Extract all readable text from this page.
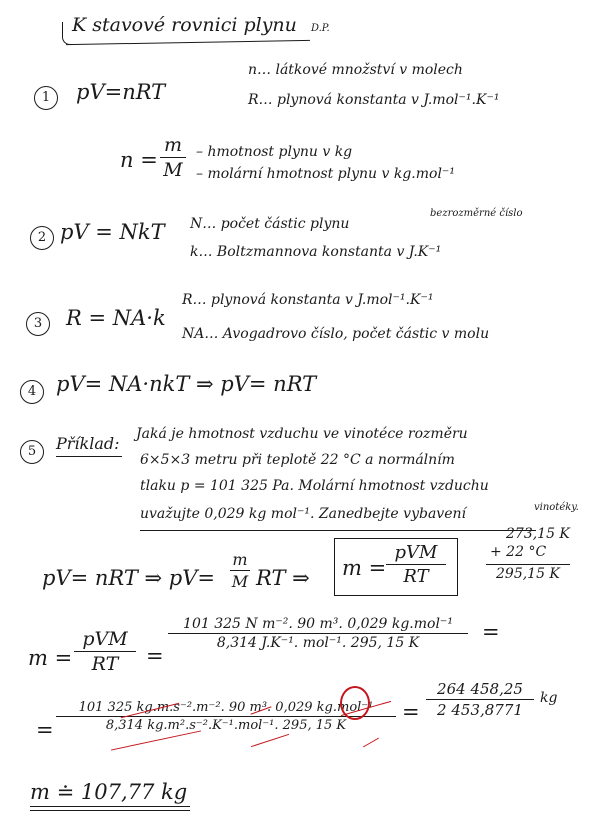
K stavové rovnici plynu D.P.
1	pV=nRT
n… látkové množství v molech
R… plynová konstanta v J.mol⁻¹.K⁻¹
n =
m
M
– hmotnost plynu v kg
– molární hmotnost plynu v kg.mol⁻¹
2 pV = NkT N… počet částic plynu
bezrozměrné číslo
k… Boltzmannova konstanta v J.K⁻¹
3	R = NA·k
R… plynová konstanta v J.mol⁻¹.K⁻¹
NA… Avogadrovo číslo, počet částic v molu
4 pV= NA·nkT ⇒ pV= nRT
5	Příklad: Jaká je hmotnost vzduchu ve vinotéce rozměru
6×5×3 metru při teplotě 22 °C a normálním
tlaku p = 101 325 Pa. Molární hmotnost vzduchu
uvažujte 0,029 kg mol⁻¹. Zanedbejte vybavení	vinotéky.
pV= nRT ⇒ pV=
m
M RT ⇒ m =
pVM
RT
273,15 K
+ 22 °C
295,15 K
m =
pVM
RT	=
101 325 N m⁻². 90 m³. 0,029 kg.mol⁻¹
8,314 J.K⁻¹. mol⁻¹. 295, 15 K	=
=
101 325 kg.m.s⁻².m⁻². 90 m³. 0,029 kg.mol⁻¹
8,314 kg.m².s⁻².K⁻¹.mol⁻¹. 295, 15 K
=
264 458,25
2 453,8771
kg
m ≐ 107,77 kg
